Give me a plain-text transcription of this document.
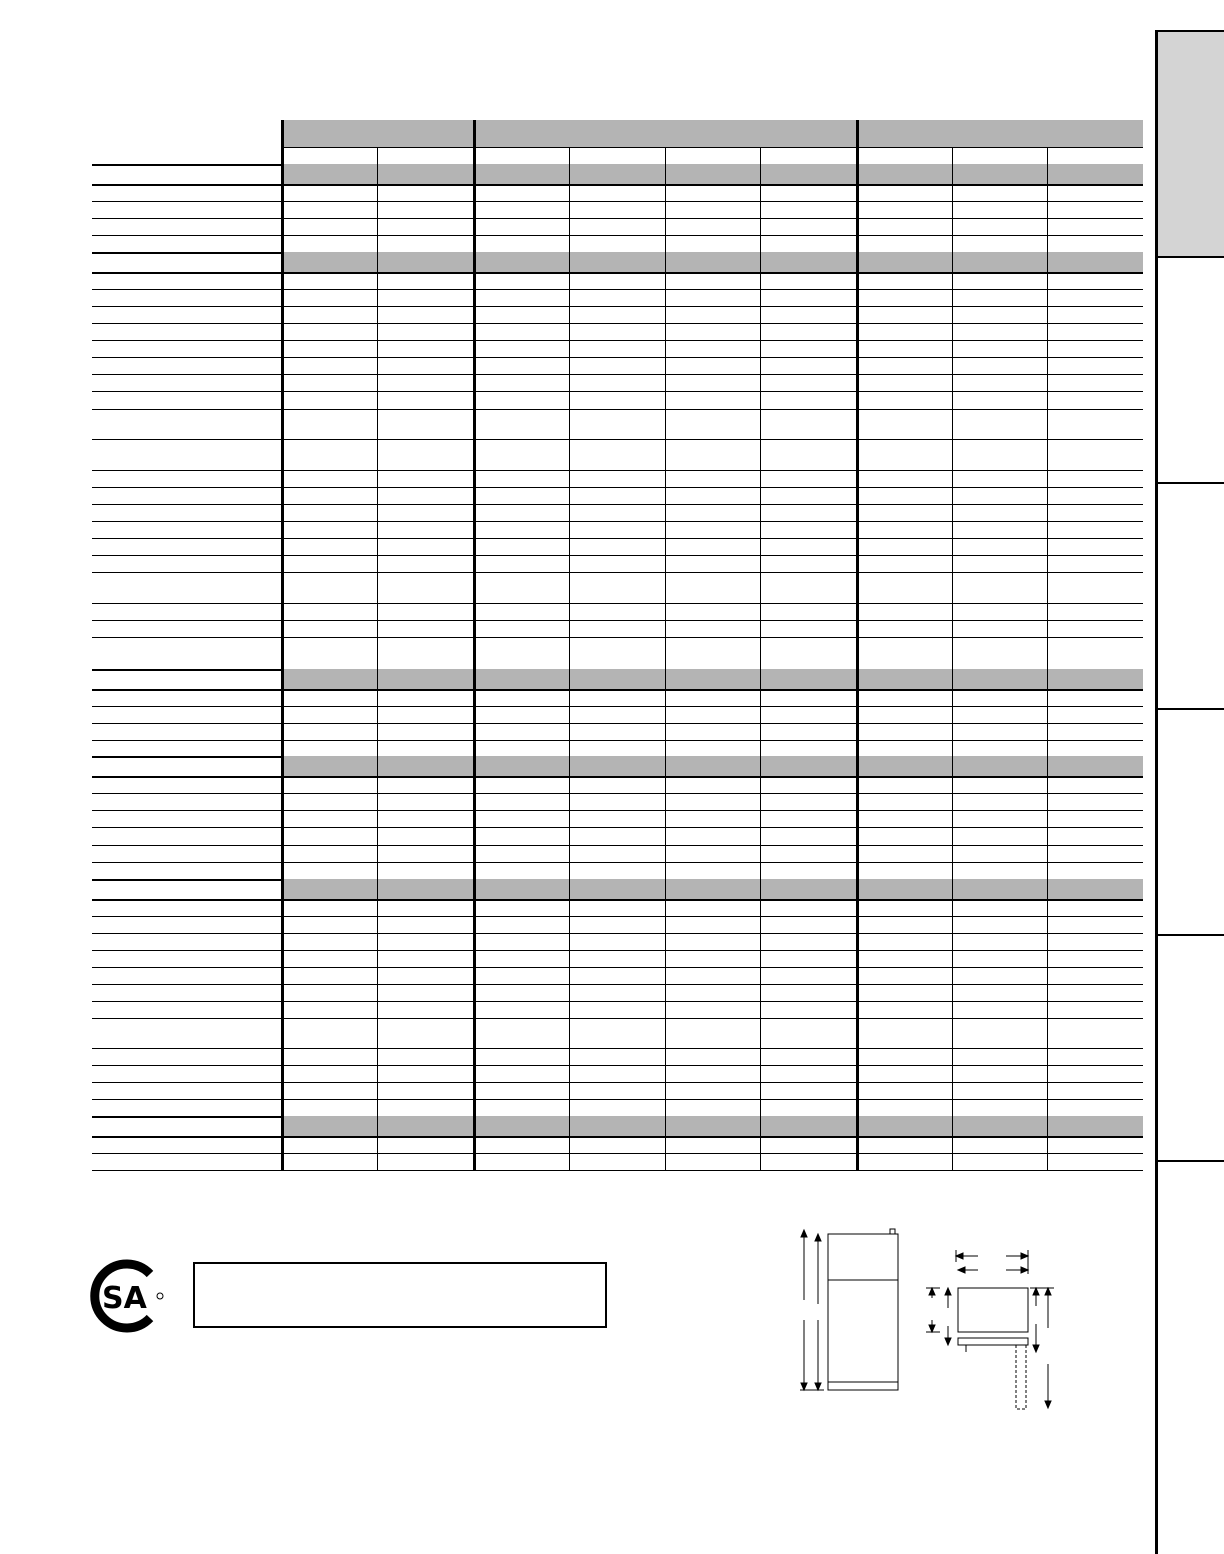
SA
